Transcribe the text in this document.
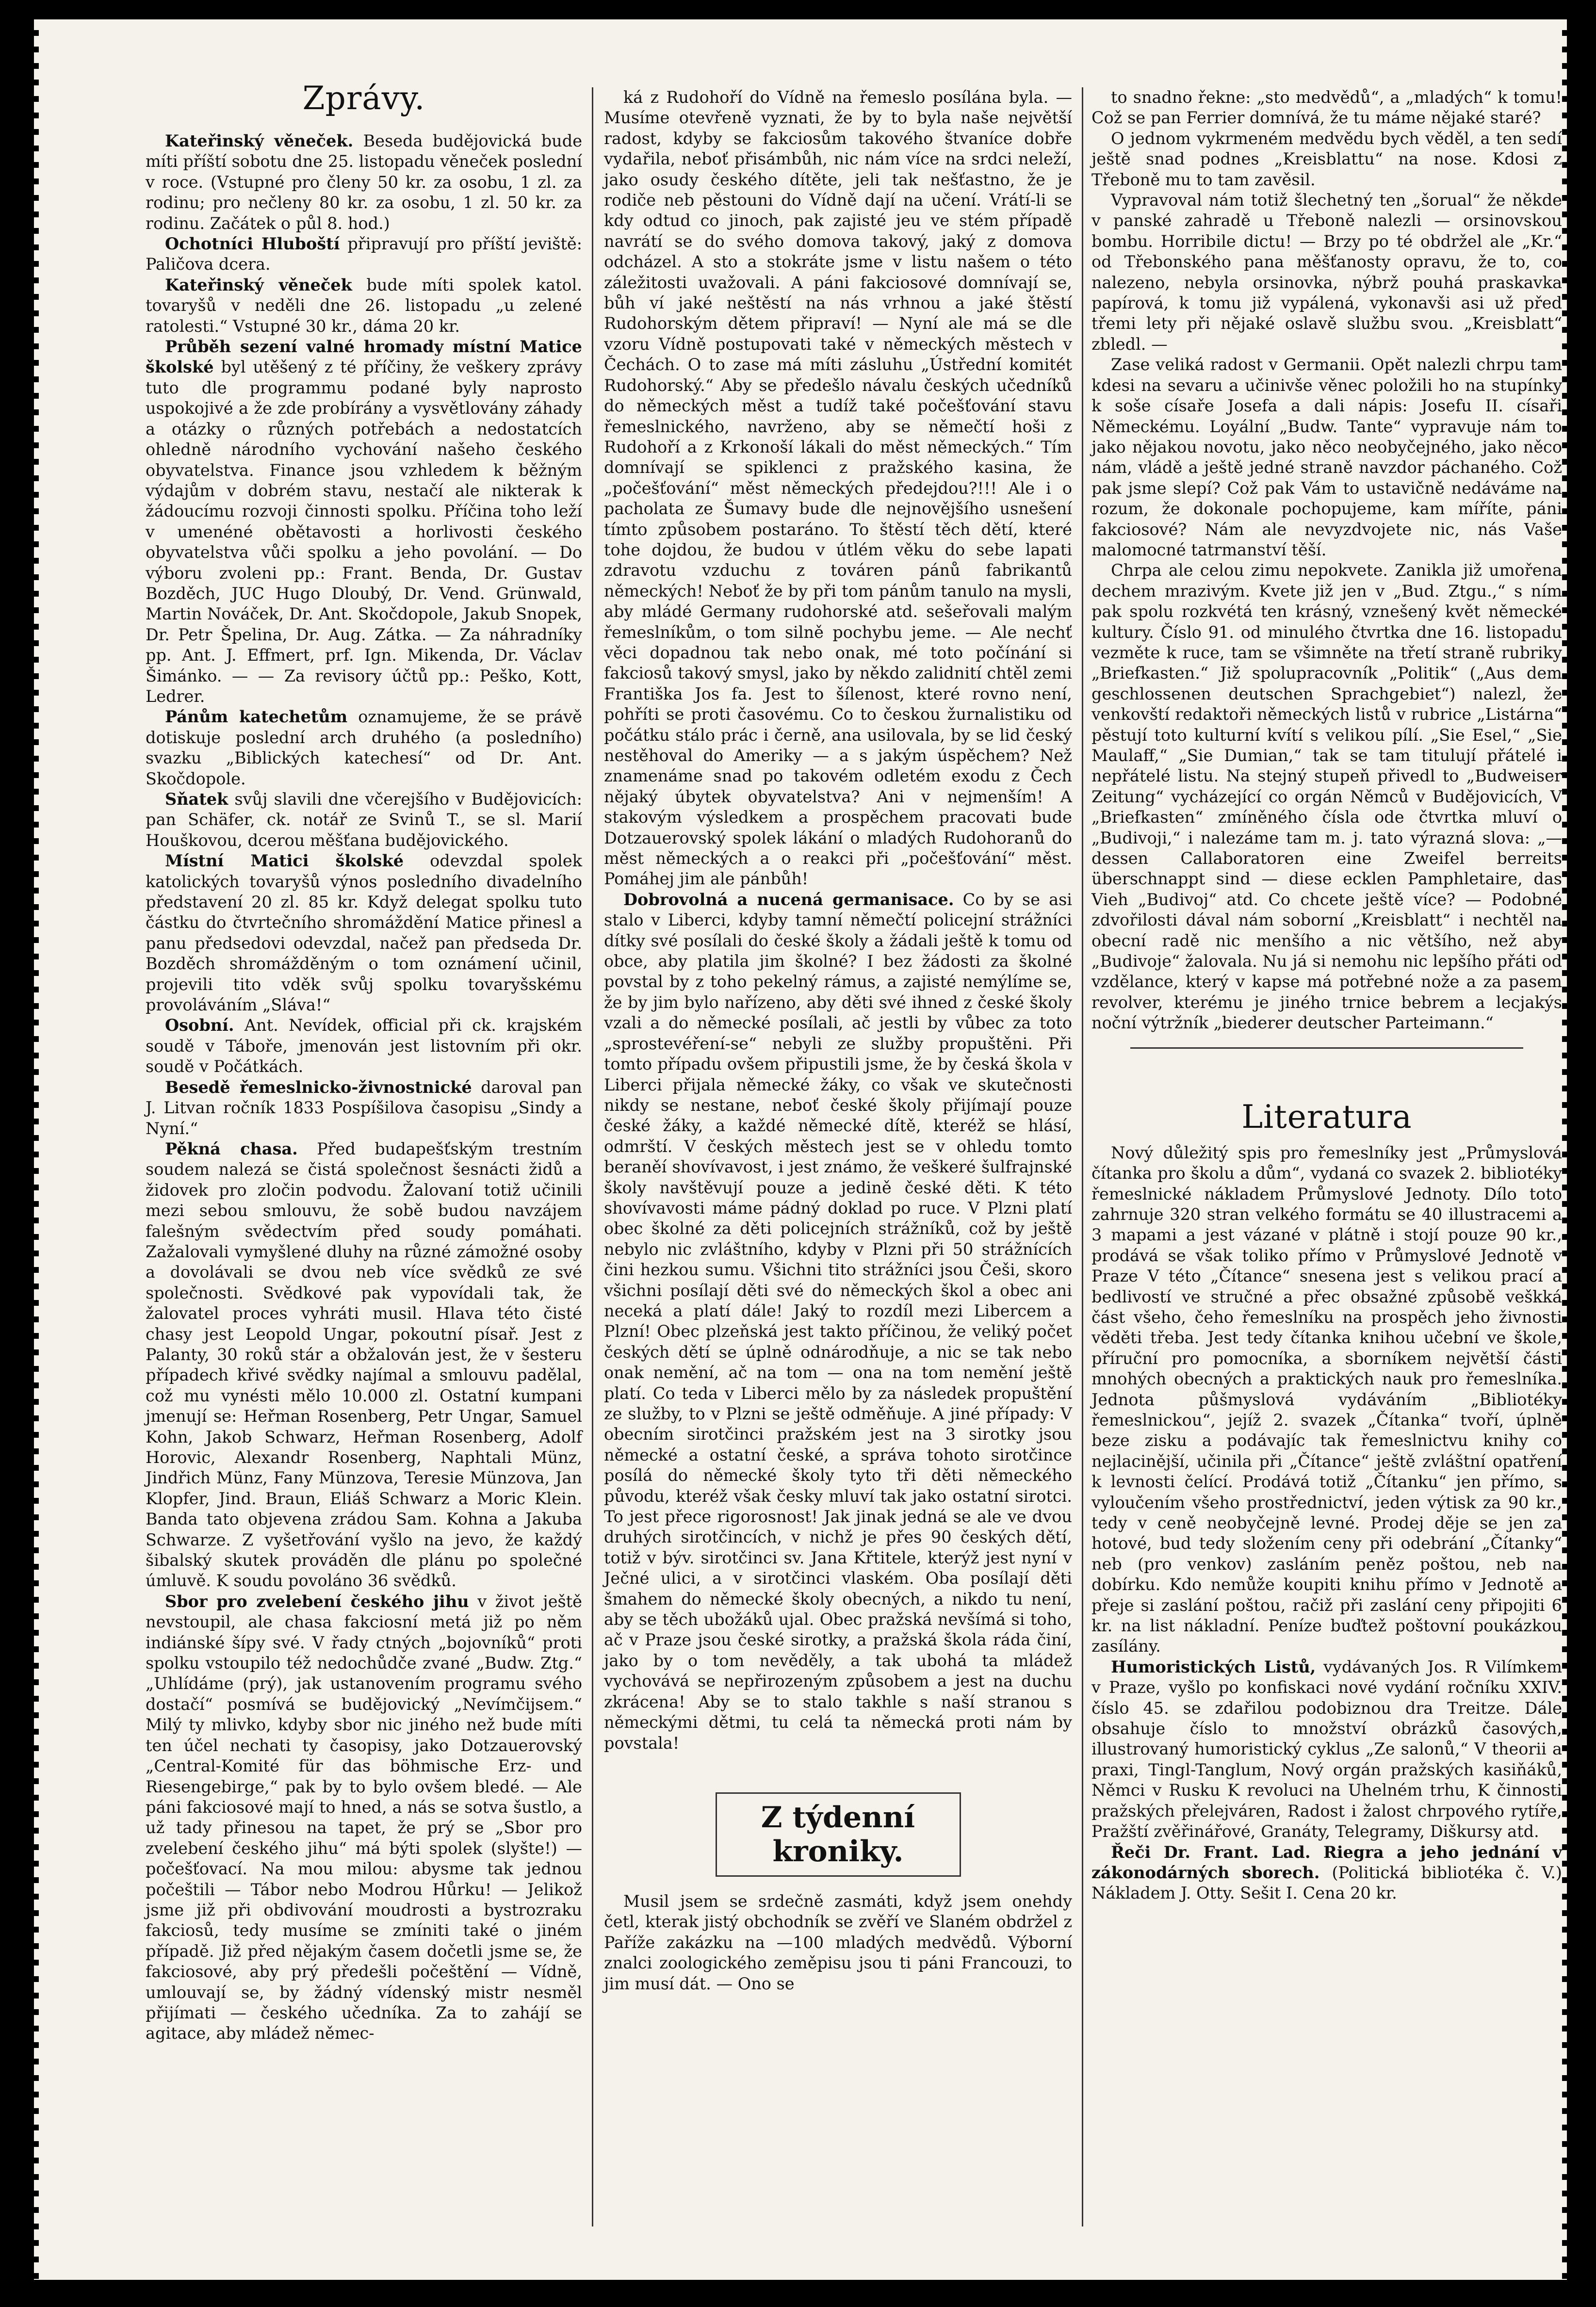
Zprávy.

Kateřinský věneček. Beseda budějovická bude míti příští sobotu dne 25. listopadu věneček poslední v roce. (Vstupné pro členy 50 kr. za osobu, 1 zl. za rodinu; pro nečleny 80 kr. za osobu, 1 zl. 50 kr. za rodinu. Začátek o půl 8. hod.)

Ochotníci Hluboští připravují pro příští jeviště: Paličova dcera.

Kateřinský věneček bude míti spolek katol. tovaryšů v neděli dne 26. listopadu „u zelené ratolesti.“ Vstupné 30 kr., dáma 20 kr.

Průběh sezení valné hromady místní Matice školské byl utěšený z té příčiny, že veškery zprávy tuto dle programmu podané byly naprosto uspokojivé a že zde probírány a vysvětlovány záhady a otázky o různých potřebách a nedostatcích ohledně národního vychování našeho českého obyvatelstva. Finance jsou vzhledem k běžným výdajům v dobrém stavu, nestačí ale nikterak k žádoucímu rozvoji činnosti spolku. Příčina toho leží v umenéné obětavosti a horlivosti českého obyvatelstva vůči spolku a jeho povolání. — Do výboru zvoleni pp.: Frant. Benda, Dr. Gustav Bozděch, JUC Hugo Dloubý, Dr. Vend. Grünwald, Martin Nováček, Dr. Ant. Skočdopole, Jakub Snopek, Dr. Petr Špelina, Dr. Aug. Zátka. — Za náhradníky pp. Ant. J. Effmert, prf. Ign. Mikenda, Dr. Václav Šimánko. — — Za revisory účtů pp.: Peško, Kott, Ledrer.

Pánům katechetům oznamujeme, že se právě dotiskuje poslední arch druhého (a posledního) svazku „Biblických katechesí“ od Dr. Ant. Skočdopole.

Sňatek svůj slavili dne včerejšího v Budějovicích: pan Schäfer, ck. notář ze Svinů T., se sl. Marií Houškovou, dcerou měšťana budějovického.

Místní Matici školské odevzdal spolek katolických tovaryšů výnos posledního divadelního představení 20 zl. 85 kr. Když delegat spolku tuto částku do čtvrtečního shromáždění Matice přinesl a panu předsedovi odevzdal, načež pan předseda Dr. Bozděch shromážděným o tom oznámení učinil, projevili tito vděk svůj spolku tovaryšskému provoláváním „Sláva!“

Osobní. Ant. Nevídek, official při ck. krajském soudě v Táboře, jmenován jest listovním při okr. soudě v Počátkách.

Besedě řemeslnicko-živnostnické daroval pan J. Litvan ročník 1833 Pospíšilova časopisu „Sindy a Nyní.“

Pěkná chasa. Před budapešťským trestním soudem nalezá se čistá společnost šesnácti židů a židovek pro zločin podvodu. Žalovaní totiž učinili mezi sebou smlouvu, že sobě budou navzájem falešným svědectvím před soudy pomáhati. Zažalovali vymyšlené dluhy na různé zámožné osoby a dovolávali se dvou neb více svědků ze své společnosti. Svědkové pak vypovídali tak, že žalovatel proces vyhráti musil. Hlava této čisté chasy jest Leopold Ungar, pokoutní písař. Jest z Palanty, 30 roků stár a obžalován jest, že v šesteru případech křivé svědky najímal a smlouvu padělal, což mu vynésti mělo 10.000 zl. Ostatní kumpani jmenují se: Heřman Rosenberg, Petr Ungar, Samuel Kohn, Jakob Schwarz, Heřman Rosenberg, Adolf Horovic, Alexandr Rosenberg, Naphtali Münz, Jindřich Münz, Fany Münzova, Teresie Münzova, Jan Klopfer, Jind. Braun, Eliáš Schwarz a Moric Klein. Banda tato objevena zrádou Sam. Kohna a Jakuba Schwarze. Z vyšetřování vyšlo na jevo, že každý šibalský skutek prováděn dle plánu po společné úmluvě. K soudu povoláno 36 svědků.

Sbor pro zvelebení českého jihu v život ještě nevstoupil, ale chasa fakciosní metá již po něm indiánské šípy své. V řady ctných „bojovníků“ proti spolku vstoupilo též nedochůdče zvané „Budw. Ztg.“ „Uhlídáme (prý), jak ustanovením programu svého dostačí“ posmívá se budějovický „Nevímčijsem.“ Milý ty mlivko, kdyby sbor nic jiného než bude míti ten účel nechati ty časopisy, jako Dotzauerovský „Central-Komité für das böhmische Erz- und Riesengebirge,“ pak by to bylo ovšem bledé. — Ale páni fakciosové mají to hned, a nás se sotva šustlo, a už tady přinesou na tapet, že prý se „Sbor pro zvelebení českého jihu“ má býti spolek (slyšte!) — počešťovací. Na mou milou: abysme tak jednou počeštili — Tábor nebo Modrou Hůrku! — Jelikož jsme již při obdivování moudrosti a bystrozraku fakciosů, tedy musíme se zmíniti také o jiném případě. Již před nějakým časem dočetli jsme se, že fakciosové, aby prý předešli počeštění — Vídně, umlouvají se, by žádný vídenský mistr nesměl přijímati — českého učedníka. Za to zahájí se agitace, aby mládež němec-

ká z Rudohoří do Vídně na řemeslo posílána byla. — Musíme otevřeně vyznati, že by to byla naše největší radost, kdyby se fakciosům takového štvaníce dobře vydařila, neboť přisámbůh, nic nám více na srdci neleží, jako osudy českého dítěte, jeli tak nešťastno, že je rodiče neb pěstouni do Vídně dají na učení. Vrátí-li se kdy odtud co jinoch, pak zajisté jeu ve stém případě navrátí se do svého domova takový, jaký z domova odcházel. A sto a stokráte jsme v listu našem o této záležitosti uvažovali. A páni fakciosové domnívají se, bůh ví jaké neštěstí na nás vrhnou a jaké štěstí Rudohorským dětem připraví! — Nyní ale má se dle vzoru Vídně postupovati také v německých městech v Čechách. O to zase má míti zásluhu „Ústřední komitét Rudohorský.“ Aby se předešlo návalu českých učedníků do německých měst a tudíž také počešťování stavu řemeslnického, navrženo, aby se němečtí hoši z Rudohoří a z Krkonoší lákali do měst německých.“ Tím domnívají se spiklenci z pražského kasina, že „počešťování“ měst německých předejdou?!!! Ale i o pacholata ze Šumavy bude dle nejnovějšího usnešení tímto způsobem postaráno. To štěstí těch dětí, které tohe dojdou, že budou v útlém věku do sebe lapati zdravotu vzduchu z továren pánů fabrikantů německých! Neboť že by při tom pánům tanulo na mysli, aby mládé Germany rudohorské atd. sešeřovali malým řemeslníkům, o tom silně pochybu jeme. — Ale nechť věci dopadnou tak nebo onak, mé toto počínání si fakciosů takový smysl, jako by někdo zalidnití chtěl zemi Františka Jos fa. Jest to šílenost, které rovno není, pohříti se proti časovému. Co to českou žurnalistiku od počátku stálo prác i černě, ana usilovala, by se lid český nestěhoval do Ameriky — a s jakým úspěchem? Než znamenáme snad po takovém odletém exodu z Čech nějaký úbytek obyvatelstva? Ani v nejmenším! A stakovým výsledkem a prospěchem pracovati bude Dotzauerovský spolek lákání o mladých Rudohoranů do měst německých a o reakci při „počešťování“ měst. Pomáhej jim ale pánbůh!

Dobrovolná a nucená germanisace. Co by se asi stalo v Liberci, kdyby tamní němečtí policejní strážníci dítky své posílali do české školy a žádali ještě k tomu od obce, aby platila jim školné? I bez žádosti za školné povstal by z toho pekelný rámus, a zajisté nemýlíme se, že by jim bylo nařízeno, aby děti své ihned z české školy vzali a do německé posílali, ač jestli by vůbec za toto „sprostevéření-se“ nebyli ze služby propuštěni. Při tomto případu ovšem připustili jsme, že by česká škola v Liberci přijala německé žáky, co však ve skutečnosti nikdy se nestane, neboť české školy přijímají pouze české žáky, a každé německé dítě, kteréž se hlásí, odmrští. V českých městech jest se v ohledu tomto beraněí shovívavost, i jest známo, že veškeré šulfrajnské školy navštěvují pouze a jedině české děti. K této shovívavosti máme pádný doklad po ruce. V Plzni platí obec školné za děti policejních strážníků, což by ještě nebylo nic zvláštního, kdyby v Plzni při 50 strážnících čini hezkou sumu. Všichni tito strážníci jsou Češi, skoro všichni posílají děti své do německých škol a obec ani neceká a platí dále! Jaký to rozdíl mezi Libercem a Plzní! Obec plzeňská jest takto příčinou, že veliký počet českých dětí se úplně odnárodňuje, a nic se tak nebo onak nemění, ač na tom — ona na tom nemění ještě platí. Co teda v Liberci mělo by za následek propuštění ze služby, to v Plzni se ještě odměňuje. A jiné případy: V obecním sirotčinci pražském jest na 3 sirotky jsou německé a ostatní české, a správa tohoto sirotčince posílá do německé školy tyto tři děti německého původu, kteréž však česky mluví tak jako ostatní sirotci. To jest přece rigorosnost! Jak jinak jedná se ale ve dvou druhých sirotčincích, v nichž je přes 90 českých dětí, totiž v býv. sirotčinci sv. Jana Křtitele, kterýž jest nyní v Ječné ulici, a v sirotčinci vlaském. Oba posílají děti šmahem do německé školy obecných, a nikdo tu není, aby se těch ubožáků ujal. Obec pražská nevšímá si toho, ač v Praze jsou české sirotky, a pražská škola ráda činí, jako by o tom nevěděly, a tak ubohá ta mládež vychovává se nepřirozeným způsobem a jest na duchu zkrácena! Aby se to stalo takhle s naší stranou s německými dětmi, tu celá ta německá proti nám by povstala!

Z týdenní kroniky.

Musil jsem se srdečně zasmáti, když jsem onehdy četl, kterak jistý obchodník se zvěří ve Slaném obdržel z Paříže zakázku na —100 mladých medvědů. Výborní znalci zoologického zeměpisu jsou ti páni Francouzi, to jim musí dát. — Ono se

to snadno řekne: „sto medvědů“, a „mladých“ k tomu! Což se pan Ferrier domnívá, že tu máme nějaké staré?

O jednom vykrmeném medvědu bych věděl, a ten sedí ještě snad podnes „Kreisblattu“ na nose. Kdosi z Třeboně mu to tam zavěsil.

Vypravoval nám totiž šlechetný ten „šorual“ že někde v panské zahradě u Třeboně nalezli — orsinovskou bombu. Horribile dictu! — Brzy po té obdržel ale „Kr.“ od Třebonského pana měšťanosty opravu, že to, co nalezeno, nebyla orsinovka, nýbrž pouhá praskavka papírová, k tomu již vypálená, vykonavši asi už před třemi lety při nějaké oslavě službu svou. „Kreisblatt“ zbledl. —

Zase veliká radost v Germanii. Opět nalezli chrpu tam kdesi na sevaru a učinivše věnec položili ho na stupínky k soše císaře Josefa a dali nápis: Josefu II. císaři Německému. Loyální „Budw. Tante“ vypravuje nám to jako nějakou novotu, jako něco neobyčejného, jako něco nám, vládě a ještě jedné straně navzdor páchaného. Což pak jsme slepí? Což pak Vám to ustavičně nedáváme na rozum, že dokonale pochopujeme, kam míříte, páni fakciosové? Nám ale nevyzdvojete nic, nás Vaše malomocné tatrmanství těší.

Chrpa ale celou zimu nepokvete. Zanikla již umořena dechem mrazivým. Kvete již jen v „Bud. Ztgu.,“ s ním pak spolu rozkvétá ten krásný, vznešený květ německé kultury. Číslo 91. od minulého čtvrtka dne 16. listopadu vezměte k ruce, tam se všimněte na třetí straně rubriky „Briefkasten.“ Již spolupracovník „Politik“ („Aus dem geschlossenen deutschen Sprachgebiet“) nalezl, že venkovští redaktoři německých listů v rubrice „Listárna“ pěstují toto kulturní kvítí s velikou pílí. „Sie Esel,“ „Sie Maulaff,“ „Sie Dumian,“ tak se tam titulují přátelé i nepřátelé listu. Na stejný stupeň přivedl to „Budweiser Zeitung“ vycházející co orgán Němců v Budějovicích, V „Briefkasten“ zmíněného čísla ode čtvrtka mluví o „Budivoji,“ i nalezáme tam m. j. tato výrazná slova: „— dessen Callaboratoren eine Zweifel berreits überschnappt sind — diese ecklen Pamphletaire, das Vieh „Budivoj“ atd. Co chcete ještě více? — Podobné zdvořilosti dával nám soborní „Kreisblatt“ i nechtěl na obecní radě nic menšího a nic většího, než aby „Budivoje“ žalovala. Nu já si nemohu nic lepšího přáti od vzdělance, který v kapse má potřebné nože a za pasem revolver, kterému je jiného trnice bebrem a lecjakýs noční výtržník „biederer deutscher Parteimann.“

Literatura

Nový důležitý spis pro řemeslníky jest „Průmyslová čítanka pro školu a dům“, vydaná co svazek 2. bibliotéky řemeslnické nákladem Průmyslové Jednoty. Dílo toto zahrnuje 320 stran velkého formátu se 40 illustracemi a 3 mapami a jest vázané v plátně i stojí pouze 90 kr., prodává se však toliko přímo v Průmyslové Jednotě v Praze V této „Čítance“ snesena jest s velikou prací a bedlivostí ve stručné a přec obsažné způsobě veškká část všeho, čeho řemeslníku na prospěch jeho živnosti věděti třeba. Jest tedy čítanka knihou učební ve škole, příruční pro pomocníka, a sborníkem největší části mnohých obecných a praktických nauk pro řemeslníka. Jednota půšmyslová vydáváním „Bibliotéky řemeslnickou“, jejíž 2. svazek „Čítanka“ tvoří, úplně beze zisku a podávajíc tak řemeslnictvu knihy co nejlacinější, učinila při „Čítance“ ještě zvláštní opatření k levnosti čelící. Prodává totiž „Čítanku“ jen přímo, s vyloučením všeho prostřednictví, jeden výtisk za 90 kr., tedy v ceně neobyčejně levné. Prodej děje se jen za hotové, bud tedy složením ceny při odebrání „Čítanky“ neb (pro venkov) zasláním peněz poštou, neb na dobírku. Kdo nemůže koupiti knihu přímo v Jednotě a přeje si zaslání poštou, račiž při zaslání ceny připojiti 6 kr. na list nákladní. Peníze buďtež poštovní poukázkou zasílány.

Humoristických Listů, vydávaných Jos. R Vilímkem v Praze, vyšlo po konfiskaci nové vydání ročníku XXIV. číslo 45. se zdařilou podobiznou dra Treitze. Dále obsahuje číslo to množství obrázků časových, illustrovaný humoristický cyklus „Ze salonů,“ V theorii a praxi, Tingl-Tanglum, Nový orgán pražských kasiňáků, Němci v Rusku K revoluci na Uhelném trhu, K činnosti pražských přelejváren, Radost i žalost chrpového rytíře, Pražští zvěřinářové, Granáty, Telegramy, Diškursy atd.

Řeči Dr. Frant. Lad. Riegra a jeho jednání v zákonodárných sborech. (Politická bibliotéka č. V.) Nákladem J. Otty. Sešit I. Cena 20 kr.
